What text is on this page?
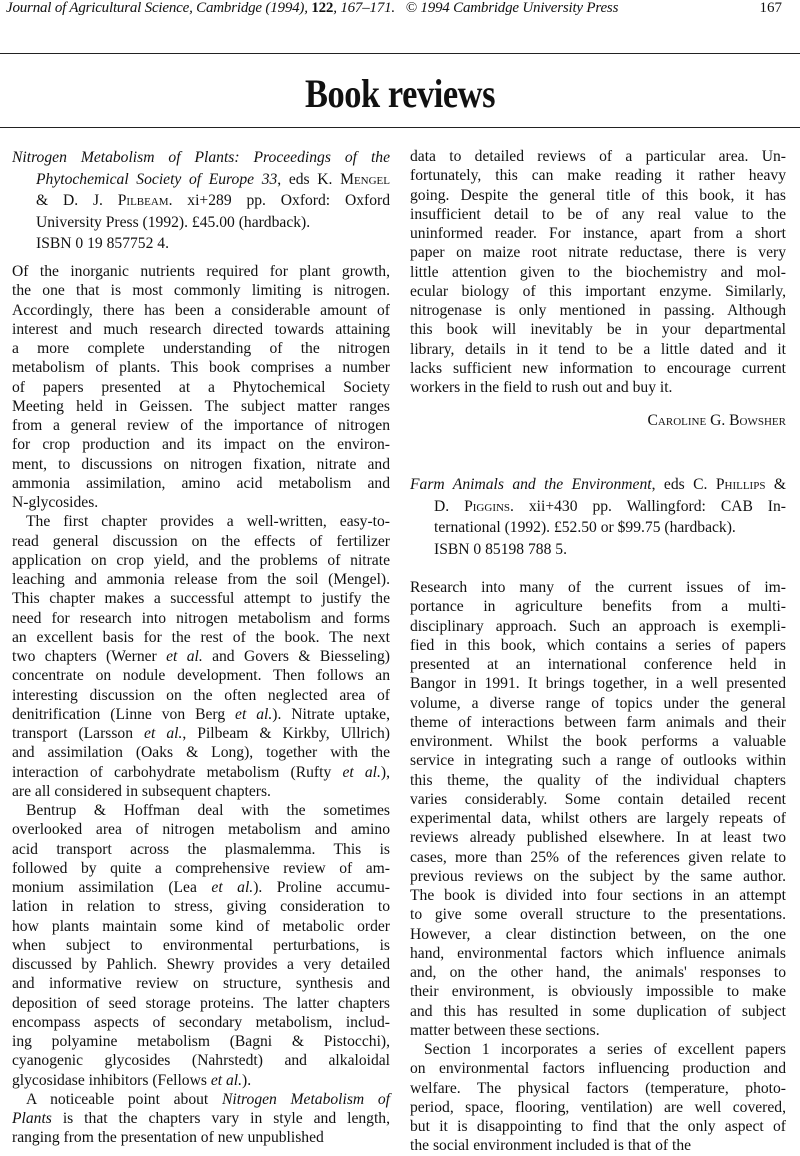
Journal of Agricultural Science, Cambridge (1994), 122, 167–171. © 1994 Cambridge University Press	167
Book reviews
Nitrogen Metabolism of Plants: Proceedings of the
Phytochemical Society of Europe 33, eds K. Mengel
& D. J. Pilbeam. xi+289 pp. Oxford: Oxford
University Press (1992). £45.00 (hardback).
ISBN 0 19 857752 4.
Of the inorganic nutrients required for plant growth,
the one that is most commonly limiting is nitrogen.
Accordingly, there has been a considerable amount of
interest and much research directed towards attaining
a more complete understanding of the nitrogen
metabolism of plants. This book comprises a number
of papers presented at a Phytochemical Society
Meeting held in Geissen. The subject matter ranges
from a general review of the importance of nitrogen
for crop production and its impact on the environ-
ment, to discussions on nitrogen fixation, nitrate and
ammonia assimilation, amino acid metabolism and
N-glycosides.
The first chapter provides a well-written, easy-to-
read general discussion on the effects of fertilizer
application on crop yield, and the problems of nitrate
leaching and ammonia release from the soil (Mengel).
This chapter makes a successful attempt to justify the
need for research into nitrogen metabolism and forms
an excellent basis for the rest of the book. The next
two chapters (Werner et al. and Govers & Biesseling)
concentrate on nodule development. Then follows an
interesting discussion on the often neglected area of
denitrification (Linne von Berg et al.). Nitrate uptake,
transport (Larsson et al., Pilbeam & Kirkby, Ullrich)
and assimilation (Oaks & Long), together with the
interaction of carbohydrate metabolism (Rufty et al.),
are all considered in subsequent chapters.
Bentrup & Hoffman deal with the sometimes
overlooked area of nitrogen metabolism and amino
acid transport across the plasmalemma. This is
followed by quite a comprehensive review of am-
monium assimilation (Lea et al.). Proline accumu-
lation in relation to stress, giving consideration to
how plants maintain some kind of metabolic order
when subject to environmental perturbations, is
discussed by Pahlich. Shewry provides a very detailed
and informative review on structure, synthesis and
deposition of seed storage proteins. The latter chapters
encompass aspects of secondary metabolism, includ-
ing polyamine metabolism (Bagni & Pistocchi),
cyanogenic glycosides (Nahrstedt) and alkaloidal
glycosidase inhibitors (Fellows et al.).
A noticeable point about Nitrogen Metabolism of
Plants is that the chapters vary in style and length,
ranging from the presentation of new unpublished
data to detailed reviews of a particular area. Un-
fortunately, this can make reading it rather heavy
going. Despite the general title of this book, it has
insufficient detail to be of any real value to the
uninformed reader. For instance, apart from a short
paper on maize root nitrate reductase, there is very
little attention given to the biochemistry and mol-
ecular biology of this important enzyme. Similarly,
nitrogenase is only mentioned in passing. Although
this book will inevitably be in your departmental
library, details in it tend to be a little dated and it
lacks sufficient new information to encourage current
workers in the field to rush out and buy it.
Caroline G. Bowsher
Farm Animals and the Environment, eds C. Phillips &
D. Piggins. xii+430 pp. Wallingford: CAB In-
ternational (1992). £52.50 or $99.75 (hardback).
ISBN 0 85198 788 5.
Research into many of the current issues of im-
portance in agriculture benefits from a multi-
disciplinary approach. Such an approach is exempli-
fied in this book, which contains a series of papers
presented at an international conference held in
Bangor in 1991. It brings together, in a well presented
volume, a diverse range of topics under the general
theme of interactions between farm animals and their
environment. Whilst the book performs a valuable
service in integrating such a range of outlooks within
this theme, the quality of the individual chapters
varies considerably. Some contain detailed recent
experimental data, whilst others are largely repeats of
reviews already published elsewhere. In at least two
cases, more than 25% of the references given relate to
previous reviews on the subject by the same author.
The book is divided into four sections in an attempt
to give some overall structure to the presentations.
However, a clear distinction between, on the one
hand, environmental factors which influence animals
and, on the other hand, the animals' responses to
their environment, is obviously impossible to make
and this has resulted in some duplication of subject
matter between these sections.
Section 1 incorporates a series of excellent papers
on environmental factors influencing production and
welfare. The physical factors (temperature, photo-
period, space, flooring, ventilation) are well covered,
but it is disappointing to find that the only aspect of
the social environment included is that of the
